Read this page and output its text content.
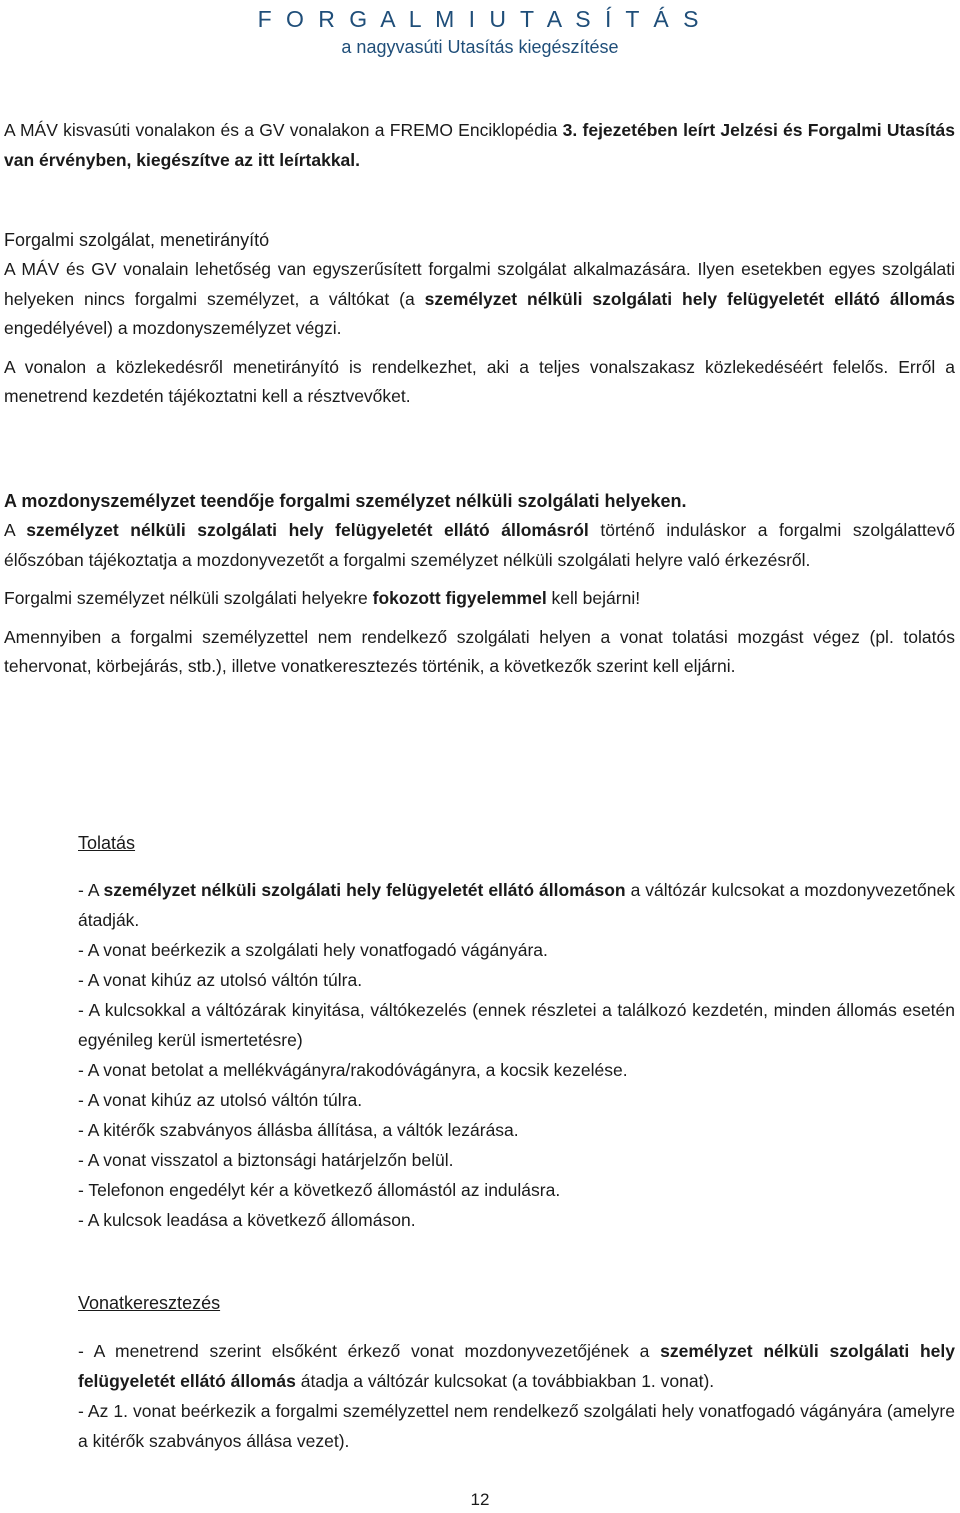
F O R G A L M I U T A S Í T Á S
a nagyvasúti Utasítás kiegészítése

A MÁV kisvasúti vonalakon és a GV vonalakon a FREMO Enciklopédia 3. fejezetében leírt Jelzési és Forgalmi Utasítás van érvényben, kiegészítve az itt leírtakkal.

Forgalmi szolgálat, menetirányító

A MÁV és GV vonalain lehetőség van egyszerűsített forgalmi szolgálat alkalmazására. Ilyen esetekben egyes szolgálati helyeken nincs forgalmi személyzet, a váltókat (a személyzet nélküli szolgálati hely felügyeletét ellátó állomás engedélyével) a mozdonyszemélyzet végzi.

A vonalon a közlekedésről menetirányító is rendelkezhet, aki a teljes vonalszakasz közlekedéséért felelős. Erről a menetrend kezdetén tájékoztatni kell a résztvevőket.

A mozdonyszemélyzet teendője forgalmi személyzet nélküli szolgálati helyeken.

A személyzet nélküli szolgálati hely felügyeletét ellátó állomásról történő induláskor a forgalmi szolgálattevő élőszóban tájékoztatja a mozdonyvezetőt a forgalmi személyzet nélküli szolgálati helyre való érkezésről.

Forgalmi személyzet nélküli szolgálati helyekre fokozott figyelemmel kell bejárni!

Amennyiben a forgalmi személyzettel nem rendelkező szolgálati helyen a vonat tolatási mozgást végez (pl. tolatós tehervonat, körbejárás, stb.), illetve vonatkeresztezés történik, a következők szerint kell eljárni.

Tolatás

- A személyzet nélküli szolgálati hely felügyeletét ellátó állomáson a váltózár kulcsokat a mozdonyvezetőnek átadják.

- A vonat beérkezik a szolgálati hely vonatfogadó vágányára.

- A vonat kihúz az utolsó váltón túlra.

- A kulcsokkal a váltózárak kinyitása, váltókezelés (ennek részletei a találkozó kezdetén, minden állomás esetén egyénileg kerül ismertetésre)

- A vonat betolat a mellékvágányra/rakodóvágányra, a kocsik kezelése.

- A vonat kihúz az utolsó váltón túlra.

- A kitérők szabványos állásba állítása, a váltók lezárása.

- A vonat visszatol a biztonsági határjelzőn belül.

- Telefonon engedélyt kér a következő állomástól az indulásra.

- A kulcsok leadása a következő állomáson.

Vonatkeresztezés

- A menetrend szerint elsőként érkező vonat mozdonyvezetőjének a személyzet nélküli szolgálati hely felügyeletét ellátó állomás átadja a váltózár kulcsokat (a továbbiakban 1. vonat).

- Az 1. vonat beérkezik a forgalmi személyzettel nem rendelkező szolgálati hely vonatfogadó vágányára (amelyre a kitérők szabványos állása vezet).

12
